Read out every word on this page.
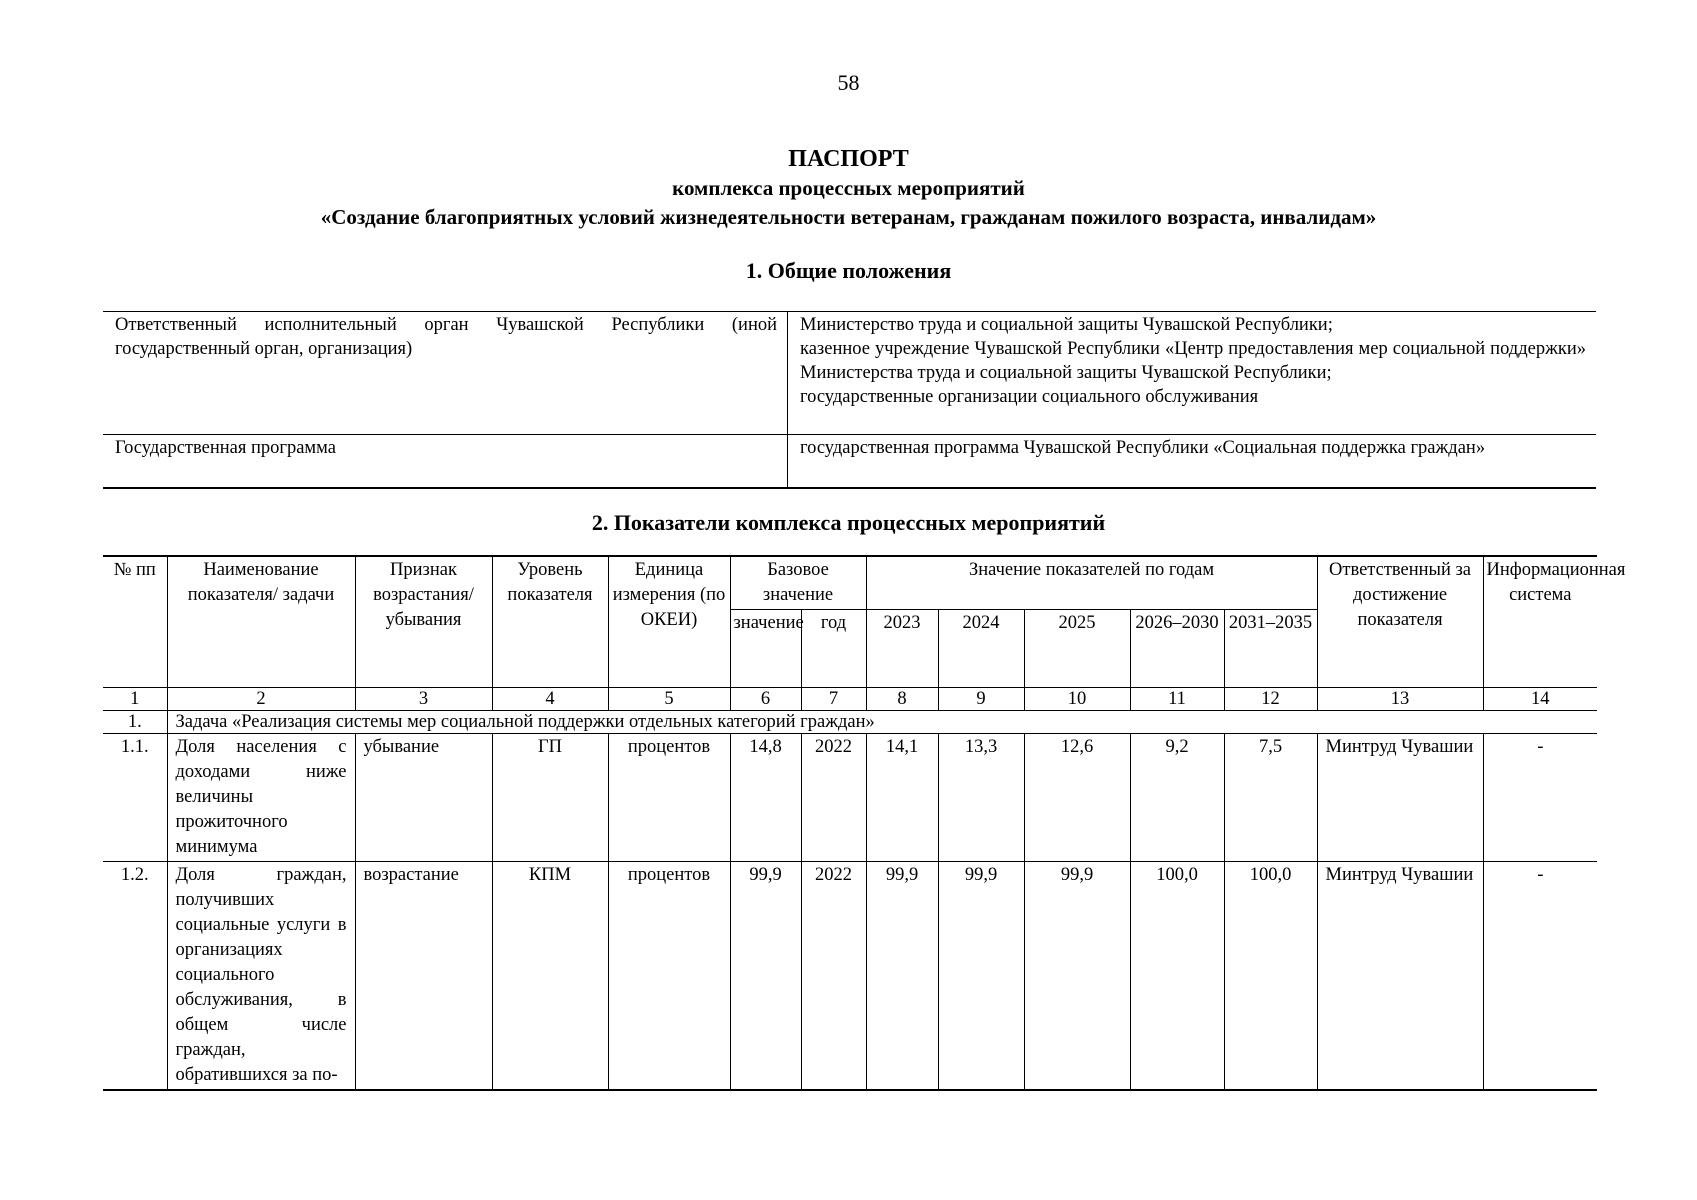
58
ПАСПОРТ
комплекса процессных мероприятий
«Создание благоприятных условий жизнедеятельности ветеранам, гражданам пожилого возраста, инвалидам»
1. Общие положения
Ответственный исполнительный орган Чувашской Республики (иной государственный орган, организация)	Министерство труда и социальной защиты Чувашской Республики;
казенное учреждение Чувашской Республики «Центр предоставления мер социальной поддержки» Министерства труда и социальной защиты Чувашской Республики;
государственные организации социального обслуживания

Государственная программа	государственная программа Чувашской Республики «Социальная поддержка граждан»
2. Показатели комплекса процессных мероприятий
№ пп	Наименование показателя/ задачи	Признак возрастания/ убывания	Уровень показателя	Единица измерения (по ОКЕИ)	Базовое значение		Значение показателей по годам					Ответственный за достижение показателя	Информационная система
					значение	год	2023	2024	2025	2026–2030	2031–2035		
1	2	3	4	5	6	7	8	9	10	11	12	13	14
1.	Задача «Реализация системы мер социальной поддержки отдельных категорий граждан»												
1.1.	Доля населения с доходами ниже величины прожиточного минимума	убывание	ГП	процентов	14,8	2022	14,1	13,3	12,6	9,2	7,5	Минтруд Чувашии	-
1.2.	Доля граждан, получивших социальные услуги в организациях социального обслуживания, в общем числе граждан, обратившихся за по-	возрастание	КПМ	процентов	99,9	2022	99,9	99,9	99,9	100,0	100,0	Минтруд Чувашии	-
